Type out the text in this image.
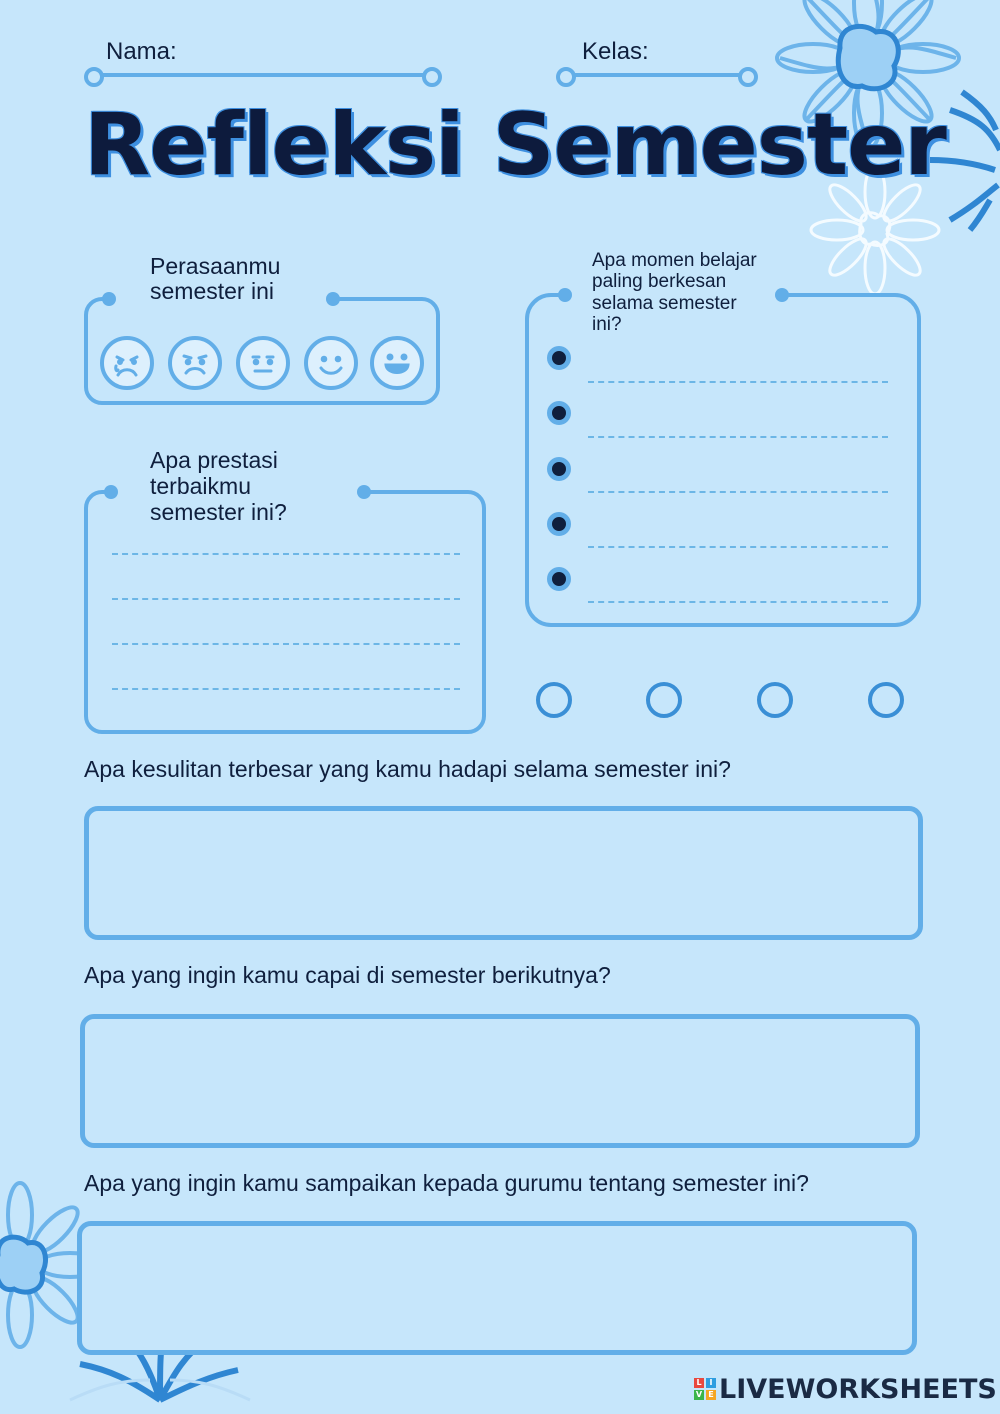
Nama:	Kelas:
Refleksi Semester
Perasaanmu
semester ini
Apa prestasi
terbaikmu
semester ini?
Apa momen belajar
paling berkesan
selama semester
ini?
Apa kesulitan terbesar yang kamu hadapi selama semester ini?
Apa yang ingin kamu capai di semester berikutnya?
Apa yang ingin kamu sampaikan kepada gurumu tentang semester ini?
L I
V E LIVEWORKSHEETS
